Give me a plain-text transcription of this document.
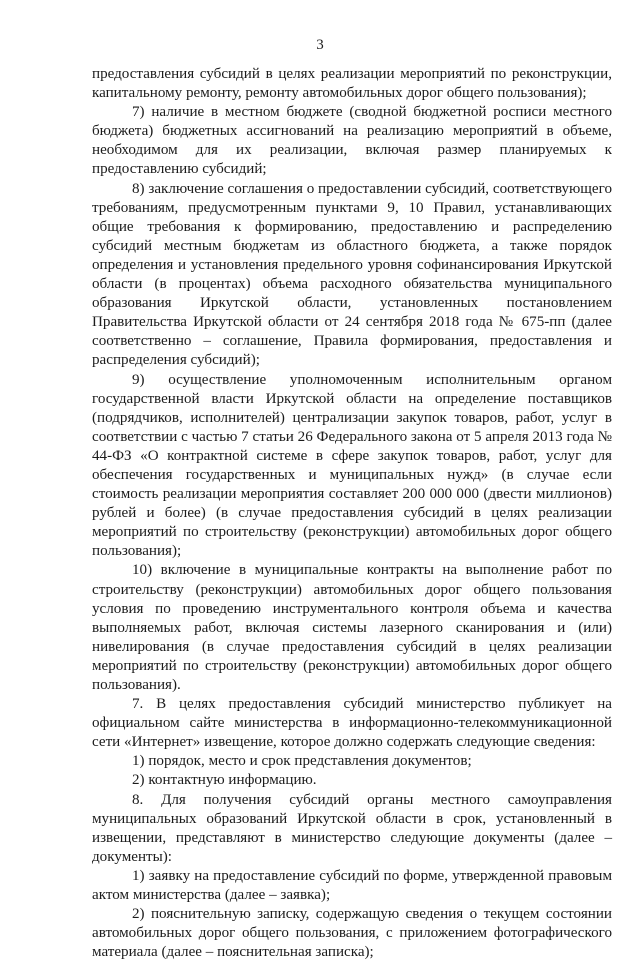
3

предоставления субсидий в целях реализации мероприятий по реконструкции, капитальному ремонту, ремонту автомобильных дорог общего пользования);

7) наличие в местном бюджете (сводной бюджетной росписи местного бюджета) бюджетных ассигнований на реализацию мероприятий в объеме, необходимом для их реализации, включая размер планируемых к предоставлению субсидий;

8) заключение соглашения о предоставлении субсидий, соответствующего требованиям, предусмотренным пунктами 9, 10 Правил, устанавливающих общие требования к формированию, предоставлению и распределению субсидий местным бюджетам из областного бюджета, а также порядок определения и установления предельного уровня софинансирования Иркутской области (в процентах) объема расходного обязательства муниципального образования Иркутской области, установленных постановлением Правительства Иркутской области от 24 сентября 2018 года № 675-пп (далее соответственно – соглашение, Правила формирования, предоставления и распределения субсидий);

9) осуществление уполномоченным исполнительным органом государственной власти Иркутской области на определение поставщиков (подрядчиков, исполнителей) централизации закупок товаров, работ, услуг в соответствии с частью 7 статьи 26 Федерального закона от 5 апреля 2013 года № 44-ФЗ «О контрактной системе в сфере закупок товаров, работ, услуг для обеспечения государственных и муниципальных нужд» (в случае если стоимость реализации мероприятия составляет 200 000 000 (двести миллионов) рублей и более) (в случае предоставления субсидий в целях реализации мероприятий по строительству (реконструкции) автомобильных дорог общего пользования);

10) включение в муниципальные контракты на выполнение работ по строительству (реконструкции) автомобильных дорог общего пользования условия по проведению инструментального контроля объема и качества выполняемых работ, включая системы лазерного сканирования и (или) нивелирования (в случае предоставления субсидий в целях реализации мероприятий по строительству (реконструкции) автомобильных дорог общего пользования).

7. В целях предоставления субсидий министерство публикует на официальном сайте министерства в информационно-телекоммуникационной сети «Интернет» извещение, которое должно содержать следующие сведения:

1) порядок, место и срок представления документов;

2) контактную информацию.

8. Для получения субсидий органы местного самоуправления муниципальных образований Иркутской области в срок, установленный в извещении, представляют в министерство следующие документы (далее – документы):

1) заявку на предоставление субсидий по форме, утвержденной правовым актом министерства (далее – заявка);

2) пояснительную записку, содержащую сведения о текущем состоянии автомобильных дорог общего пользования, с приложением фотографического материала (далее – пояснительная записка);
